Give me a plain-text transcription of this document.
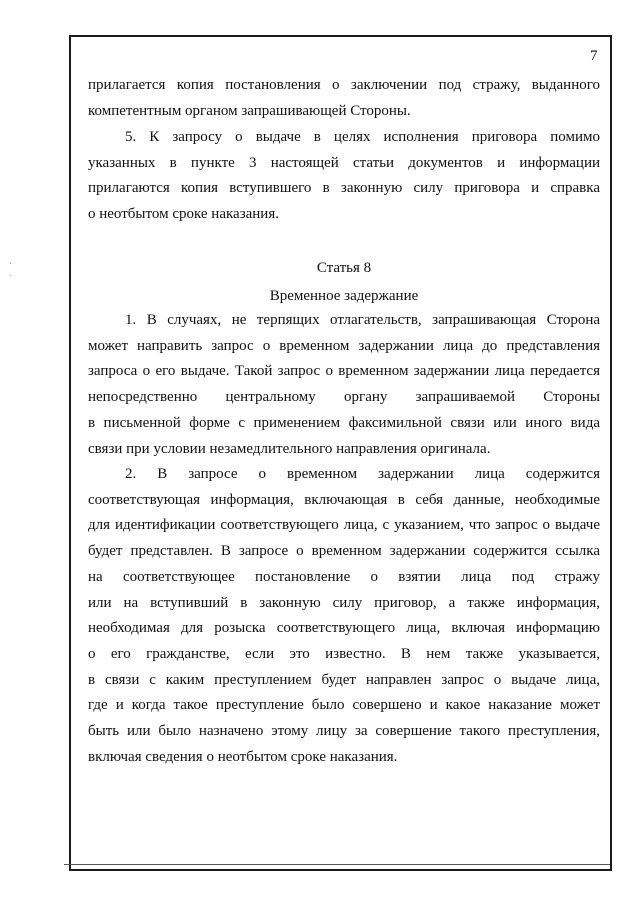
·
·
7
прилагается копия постановления о заключении под стражу, выданного
компетентным органом запрашивающей Стороны.
5. К запросу о выдаче в целях исполнения приговора помимо
указанных в пункте 3 настоящей статьи документов и информации
прилагаются копия вступившего в законную силу приговора и справка
о неотбытом сроке наказания.
Статья 8
Временное задержание
1. В случаях, не терпящих отлагательств, запрашивающая Сторона
может направить запрос о временном задержании лица до представления
запроса о его выдаче. Такой запрос о временном задержании лица передается
непосредственно центральному органу запрашиваемой Стороны
в письменной форме с применением факсимильной связи или иного вида
связи при условии незамедлительного направления оригинала.
2. В запросе о временном задержании лица содержится
соответствующая информация, включающая в себя данные, необходимые
для идентификации соответствующего лица, с указанием, что запрос о выдаче
будет представлен. В запросе о временном задержании содержится ссылка
на соответствующее постановление о взятии лица под стражу
или на вступивший в законную силу приговор, а также информация,
необходимая для розыска соответствующего лица, включая информацию
о его гражданстве, если это известно. В нем также указывается,
в связи с каким преступлением будет направлен запрос о выдаче лица,
где и когда такое преступление было совершено и какое наказание может
быть или было назначено этому лицу за совершение такого преступления,
включая сведения о неотбытом сроке наказания.
